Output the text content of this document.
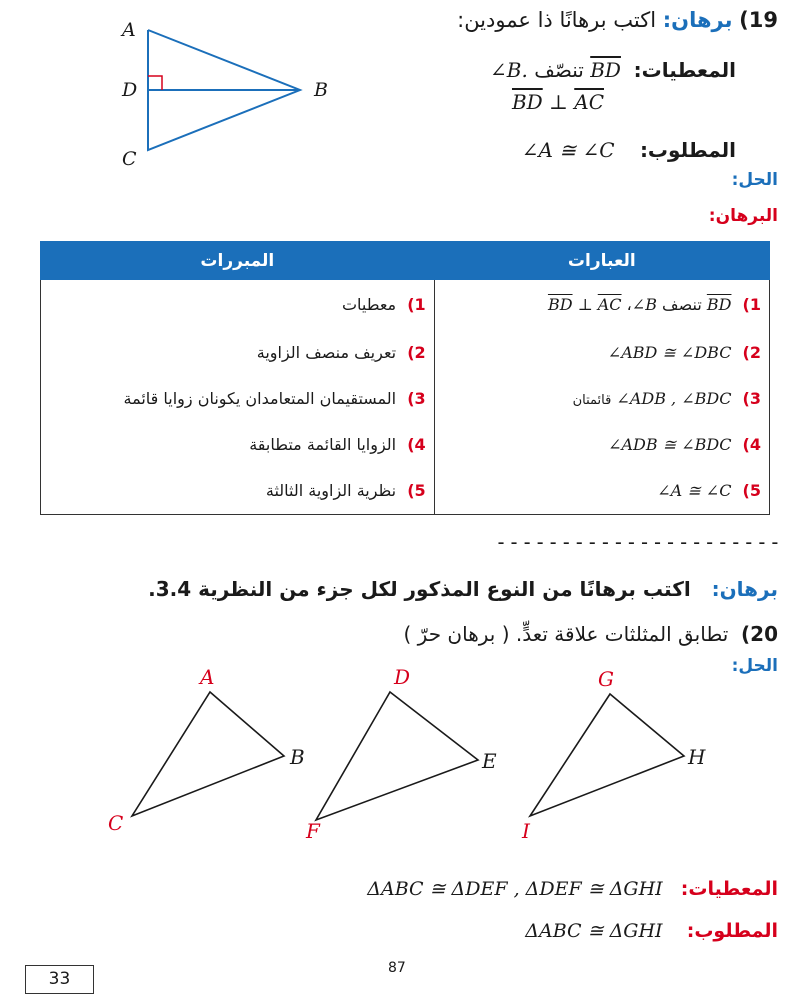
A
D
C
B
19) برهان: اكتب برهانًا ذا عمودين:
المعطيات:  $\overline{BD}$ تنصّف ∠B.
$\overline{BD}$ ⊥ $\overline{AC}$
المطلوب:    ∠A ≅ ∠C
الحل:
البرهان:
العبارات	المبررات
1) $\overline{BD}$ تنصف ∠B، $\overline{BD}$ ⊥ $\overline{AC}$	1) معطيات
2) ∠ABD ≅ ∠DBC	2) تعريف منصف الزاوية
3) ∠ADB , ∠BDC قائمتان	3) المستقيمان المتعامدان يكونان زوايا قائمة
4) ∠ADB ≅ ∠BDC	4) الزوايا القائمة متطابقة
5) ∠A ≅ ∠C	5) نظرية الزاوية الثالثة
----------------------
برهان:   اكتب برهانًا من النوع المذكور لكل جزء من النظرية 3.4.
20)  تطابق المثلثات علاقة تعدٍّ. ( برهان حرّ )
الحل:
A
B
C
D
E
F
G
H
I
المعطيات:   ΔABC ≅ ΔDEF , ΔDEF ≅ ΔGHI
المطلوب:    ΔABC ≅ ΔGHI
87
33
